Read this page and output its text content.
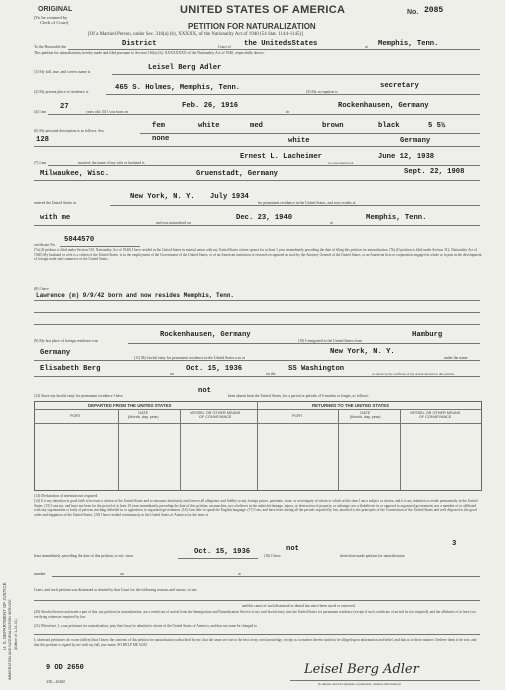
ORIGINAL
(To be retained by
Clerk of Court)
UNITED STATES OF AMERICA	No. 2085
PETITION FOR NATURALIZATION
[Of a Married Person, under Sec. 310(a) (b), XXXXX, of the Nationality Act of 1940 (54 Stat. 1144-1145)]
To the Honorable the	District	Court of the UnitedsStates	at Memphis, Tenn.
This petition for naturalization, hereby made and filed pursuant to Section 310(a) (b), XXXXXXXX of the Nationality Act of 1940, respectfully shows:
(1) My full, true, and correct name is	Leisel Berg Adler
(2) My present place of residence is	465 S. Holmes, Memphis, Tenn.	(3) My occupation is
secretary
(4) I am
27
years old. (5) I was born on
Feb. 26, 1916
in
Rockenhausen, Germany
(6) My personal description is as follows: Sex
fem	white	med	brown	black	5 5½
128	none	white	Germany
(7) I am	married; the name of my wife or husband is
Ernest L. Lacheimer
we were married on
June 12, 1938
Milwaukee, Wisc.	Gruenstadt, Germany	Sept. 22, 1908
entered the United States at
New York, N. Y. July 1934
for permanent residence in the United States, and now resides at
with me
and was naturalized on
Dec. 23, 1940
at
Memphis, Tenn.
certificate No.
5044570
(7a) (If petition is filed under Section 310, Nationality Act of 1940) I have resided in the United States in marital union with my United States citizen spouse for at least 1 year immediately preceding the date of filing this petition for naturalization. (7b) (If petition is filed under Section 312, Nationality Act of 1940) My husband or wife is a citizen of the United States, is in the employment of the Government of the United States, or of an American institution of research recognized as such by the Attorney General of the United States, or an American firm or corporation engaged in whole or in part in the development of foreign trade and commerce of the United States.
(8) I have
Lawrence (m) 9/9/42 born and now resides Memphis, Tenn.
(9) My last place of foreign residence was
Rockenhausen, Germany
(10) I emigrated to the United States from
Hamburg
Germany
(11) My lawful entry for permanent residence in the United States was at
New York, N. Y.
under the name
Elisabeth Berg
on
Oct. 15, 1936
on the
SS Washington
as shown by the certificate of my arrival attached to this petition.
(12) Since my lawful entry for permanent residence I have
not
been absent from the United States, for a period or periods of 6 months or longer, as follows:
DEPARTED FROM THE UNITED STATES	RETURNED TO THE UNITED STATES
PORT
DATE
(Month, day, year)
VESSEL OR OTHER MEANS
OF CONVEYANCE	PORT
DATE
(Month, day, year)
VESSEL OR OTHER MEANS
OF CONVEYANCE
(13) Declaration of intention not required.
(14) It is my intention in good faith to become a citizen of the United States and to renounce absolutely and forever all allegiance and fidelity to any foreign prince, potentate, state, or sovereignty of whom or which at this time I am a subject or citizen, and it is my intention to reside permanently in the United States. (15) I am not, and have not been for the period of at least 10 years immediately preceding the date of this petition, an anarchist; nor a believer in the unlawful damage, injury, or destruction of property, or sabotage; nor a disbeliever in or opposed to organized government; nor a member of or affiliated with any organization or body of persons teaching disbelief in or opposition to organized government. (16) I am able to speak the English language. (17) I am, and have been during all the periods required by law, attached to the principles of the Constitution of the United States and well disposed to the good order and happiness of the United States. (18) I have resided continuously in the United States of America for the term of
3
least immediately preceding the date of this petition, to wit: since	Oct. 15, 1936	(16) I have
not
heretofore made petition for naturalization
number	on	at
Court, and such petition was dismissed or denied by that Court for the following reasons and causes, to wit:
and the cause of such dismissal or denial has since been cured or removed.
(20) Attached hereto and made a part of this, my petition for naturalization, are a certificate of arrival from the Immigration and Naturalization Service of my said lawful entry into the United States for permanent residence (except if such certificate of arrival be not required), and the affidavits of at least two verifying witnesses required by law.
(21) Wherefore, I, your petitioner for naturalization, pray that I may be admitted a citizen of the United States of America, and that my name be changed to
I, aforesaid petitioner, do swear (affirm) that I know the contents of this petition for naturalization subscribed by me, that the same are true to the best of my own knowledge, except as to matters therein stated to be alleged upon information and belief, and that as to those matters I believe them to be true, and that this petition is signed by me with my full, true name: SO HELP ME GOD.
9 OD 2650
438—10460
Leisel Berg Adler
(Complete and true signature of petitioner, without abbreviation)
U. S. DEPARTMENT OF JUSTICE IMMIGRATION AND NATURALIZATION SERVICE (Edition of 1-24-41)
